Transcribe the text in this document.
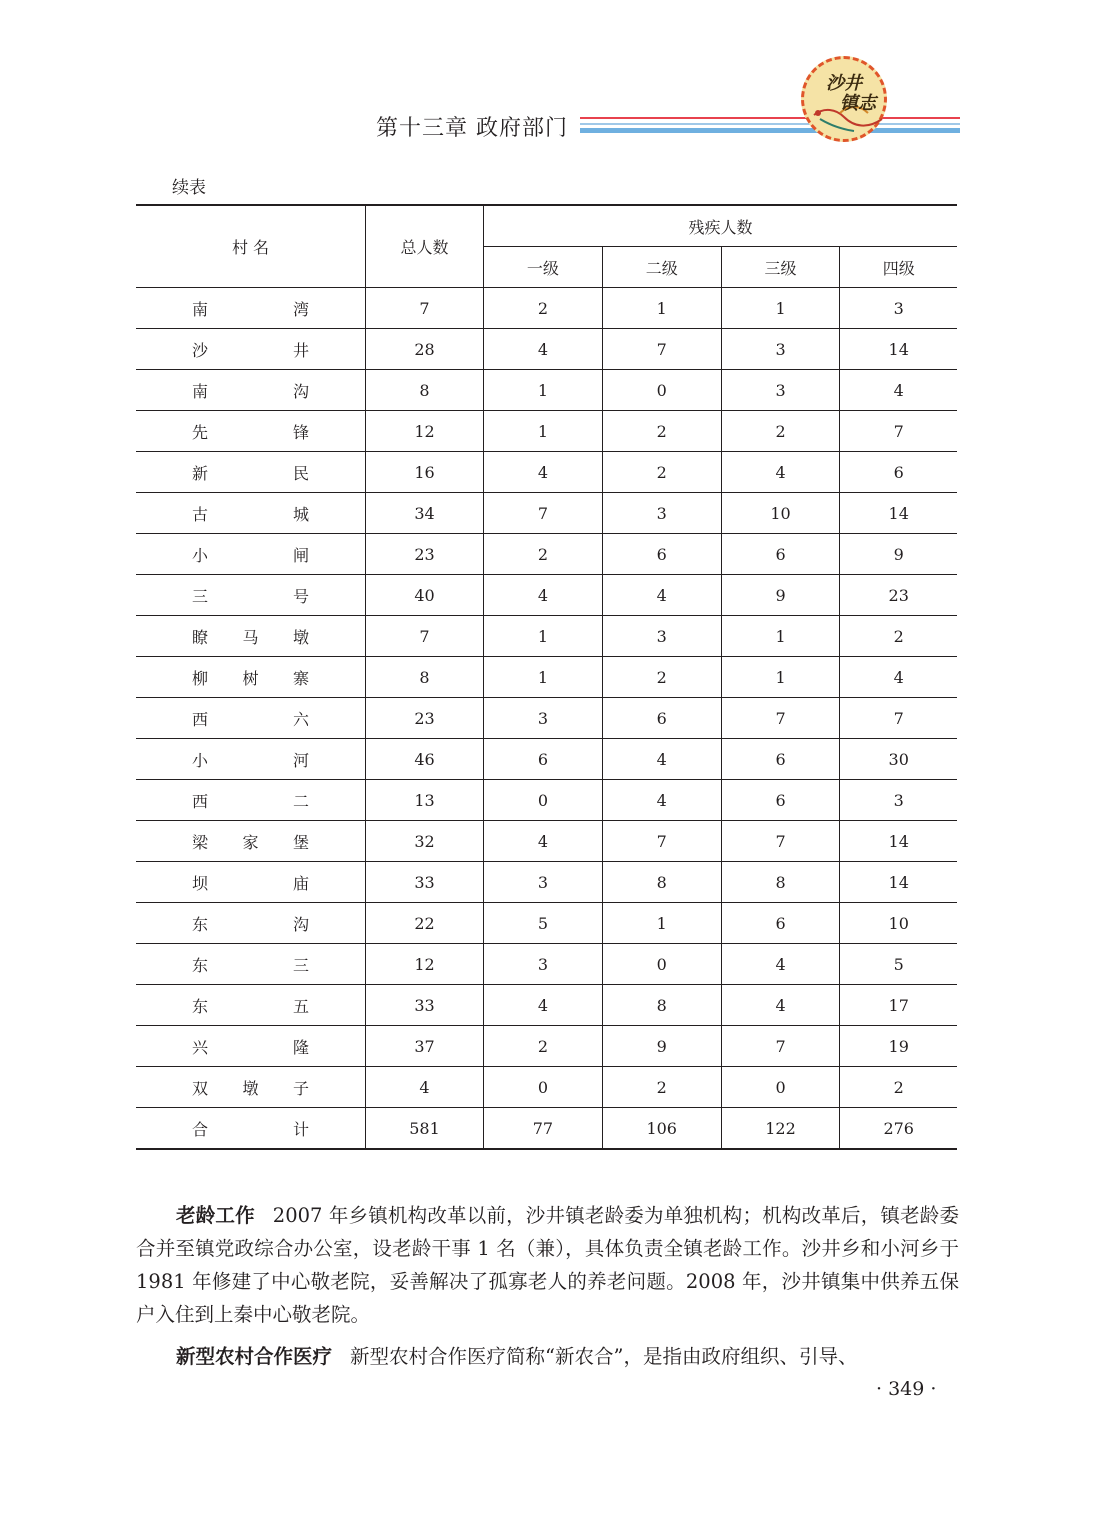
第十三章 政府部门
沙井
镇志
续表
村 名	总人数	残疾人数			
		一级	二级	三级	四级

南 湾	7	2	1	1	3

沙 井	28	4	7	3	14

南 沟	8	1	0	3	4

先 锋	12	1	2	2	7

新 民	16	4	2	4	6

古 城	34	7	3	10	14

小 闸	23	2	6	6	9

三 号	40	4	4	9	23

瞭 马 墩	7	1	3	1	2

柳 树 寨	8	1	2	1	4

西 六	23	3	6	7	7

小 河	46	6	4	6	30

西 二	13	0	4	6	3

梁 家 堡	32	4	7	7	14

坝 庙	33	3	8	8	14

东 沟	22	5	1	6	10

东 三	12	3	0	4	5

东 五	33	4	8	4	17

兴 隆	37	2	9	7	19

双 墩 子	4	0	2	0	2

合 计	581	77	106	122	276

老龄工作 2007 年乡镇机构改革以前，沙井镇老龄委为单独机构；机构改革后，镇老龄委合并至镇党政综合办公室，设老龄干事 1 名（兼），具体负责全镇老龄工作。沙井乡和小河乡于 1981 年修建了中心敬老院，妥善解决了孤寡老人的养老问题。2008 年，沙井镇集中供养五保户入住到上秦中心敬老院。

新型农村合作医疗 新型农村合作医疗简称“新农合”，是指由政府组织、引导、

· 349 ·
